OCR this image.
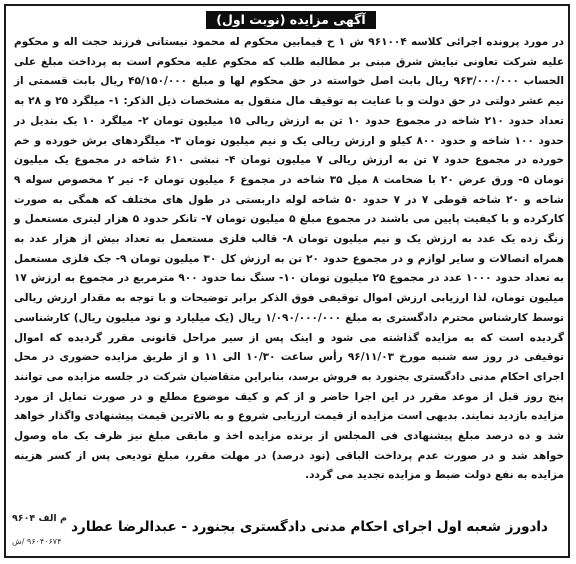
آگهی مزایده (نوبت اول)
در مورد پرونده اجرائی کلاسه ۹۶۱۰۰۴ ش ۱ ح فیمابین محکوم له محمود نیستانی فرزند حجت اله و محکوم علیه شرکت تعاونی نیایش شرق مبنی بر مطالبه طلب که محکوم علیه محکوم است به پرداخت مبلغ علی الحساب ۹۶۳/۰۰۰/۰۰۰ ریال بابت اصل خواسته در حق محکوم لها و مبلغ ۴۵/۱۵۰/۰۰۰ ریال بابت قسمتی از نیم عشر دولتی در حق دولت و با عنایت به توقیف مال منقول به مشخصات ذیل الذکر: ۱- میلگرد ۲۵ و ۲۸ به تعداد حدود ۲۱۰ شاخه در مجموع حدود ۱۰ تن به ارزش ریالی ۱۵ میلیون تومان ۲- میلگرد ۱۰ یک بندیل در حدود ۱۰۰ شاخه و حدود ۸۰۰ کیلو و ارزش ریالی یک و نیم میلیون تومان ۳- میلگردهای برش خورده و خم خورده در مجموع حدود ۷ تن به ارزش ریالی ۷ میلیون تومان ۴- نبشی ۶۱۰ شاخه در مجموع یک میلیون تومان ۵- ورق عرض ۲۰ با ضخامت ۸ میل ۳۵ شاخه در مجموع ۶ میلیون تومان ۶- تیر ۲ مخصوص سوله ۹ شاخه و ۲۰ شاخه قوطی ۷ در ۷ حدود ۵۰ شاخه لوله داربستی در طول های مختلف که همگی به صورت کارکرده و با کیفیت پایین می باشند در مجموع مبلغ ۵ میلیون تومان ۷- تانکر حدود ۵ هزار لیتری مستعمل و زنگ زده یک عدد به ارزش یک و نیم میلیون تومان ۸- قالب فلزی مستعمل به تعداد بیش از هزار عدد به همراه اتصالات و سایر لوازم و در مجموع حدود ۲۰ تن به ارزش کل ۳۰ میلیون تومان ۹- جک فلزی مستعمل به تعداد حدود ۱۰۰۰ عدد در مجموع ۲۵ میلیون تومان ۱۰- سنگ نما حدود ۹۰۰ مترمربع در مجموع به ارزش ۱۷ میلیون تومان، لذا ارزیابی ارزش اموال توقیفی فوق الذکر برابر توضیحات و با توجه به مقدار ارزش ریالی توسط کارشناس محترم دادگستری به مبلغ ۱/۰۹۰/۰۰۰/۰۰۰ ریال (یک میلیارد و نود میلیون ریال) کارشناسی گردیده است که به مزایده گذاشته می شود و اینک پس از سیر مراحل قانونی مقرر گردیده که اموال توقیفی در روز سه شنبه مورخ ۹۶/۱۱/۰۳ رأس ساعت ۱۰/۳۰ الی ۱۱ و از طریق مزایده حضوری در محل اجرای احکام مدنی دادگستری بجنورد به فروش برسد، بنابراین متقاضیان شرکت در جلسه مزایده می توانند پنج روز قبل از موعد مقرر در این اجرا حاضر و از کم و کیف موضوع مطلع و در صورت تمایل از مورد مزایده بازدید نمایند. بدیهی است مزایده از قیمت ارزیابی شروع و به بالاترین قیمت پیشنهادی واگذار خواهد شد و ده درصد مبلغ پیشنهادی فی المجلس از برنده مزایده اخذ و مابقی مبلغ نیز ظرف یک ماه وصول خواهد شد و در صورت عدم پرداخت الباقی (نود درصد) در مهلت مقرر، مبلغ تودیعی پس از کسر هزینه مزایده به نفع دولت ضبط و مزایده تجدید می گردد.
م الف ۹۶۰۴
۹۶۰۴۰۶۷۴ /ش
دادورز شعبه اول اجرای احکام مدنی دادگستری بجنورد - عبدالرضا عطارد
